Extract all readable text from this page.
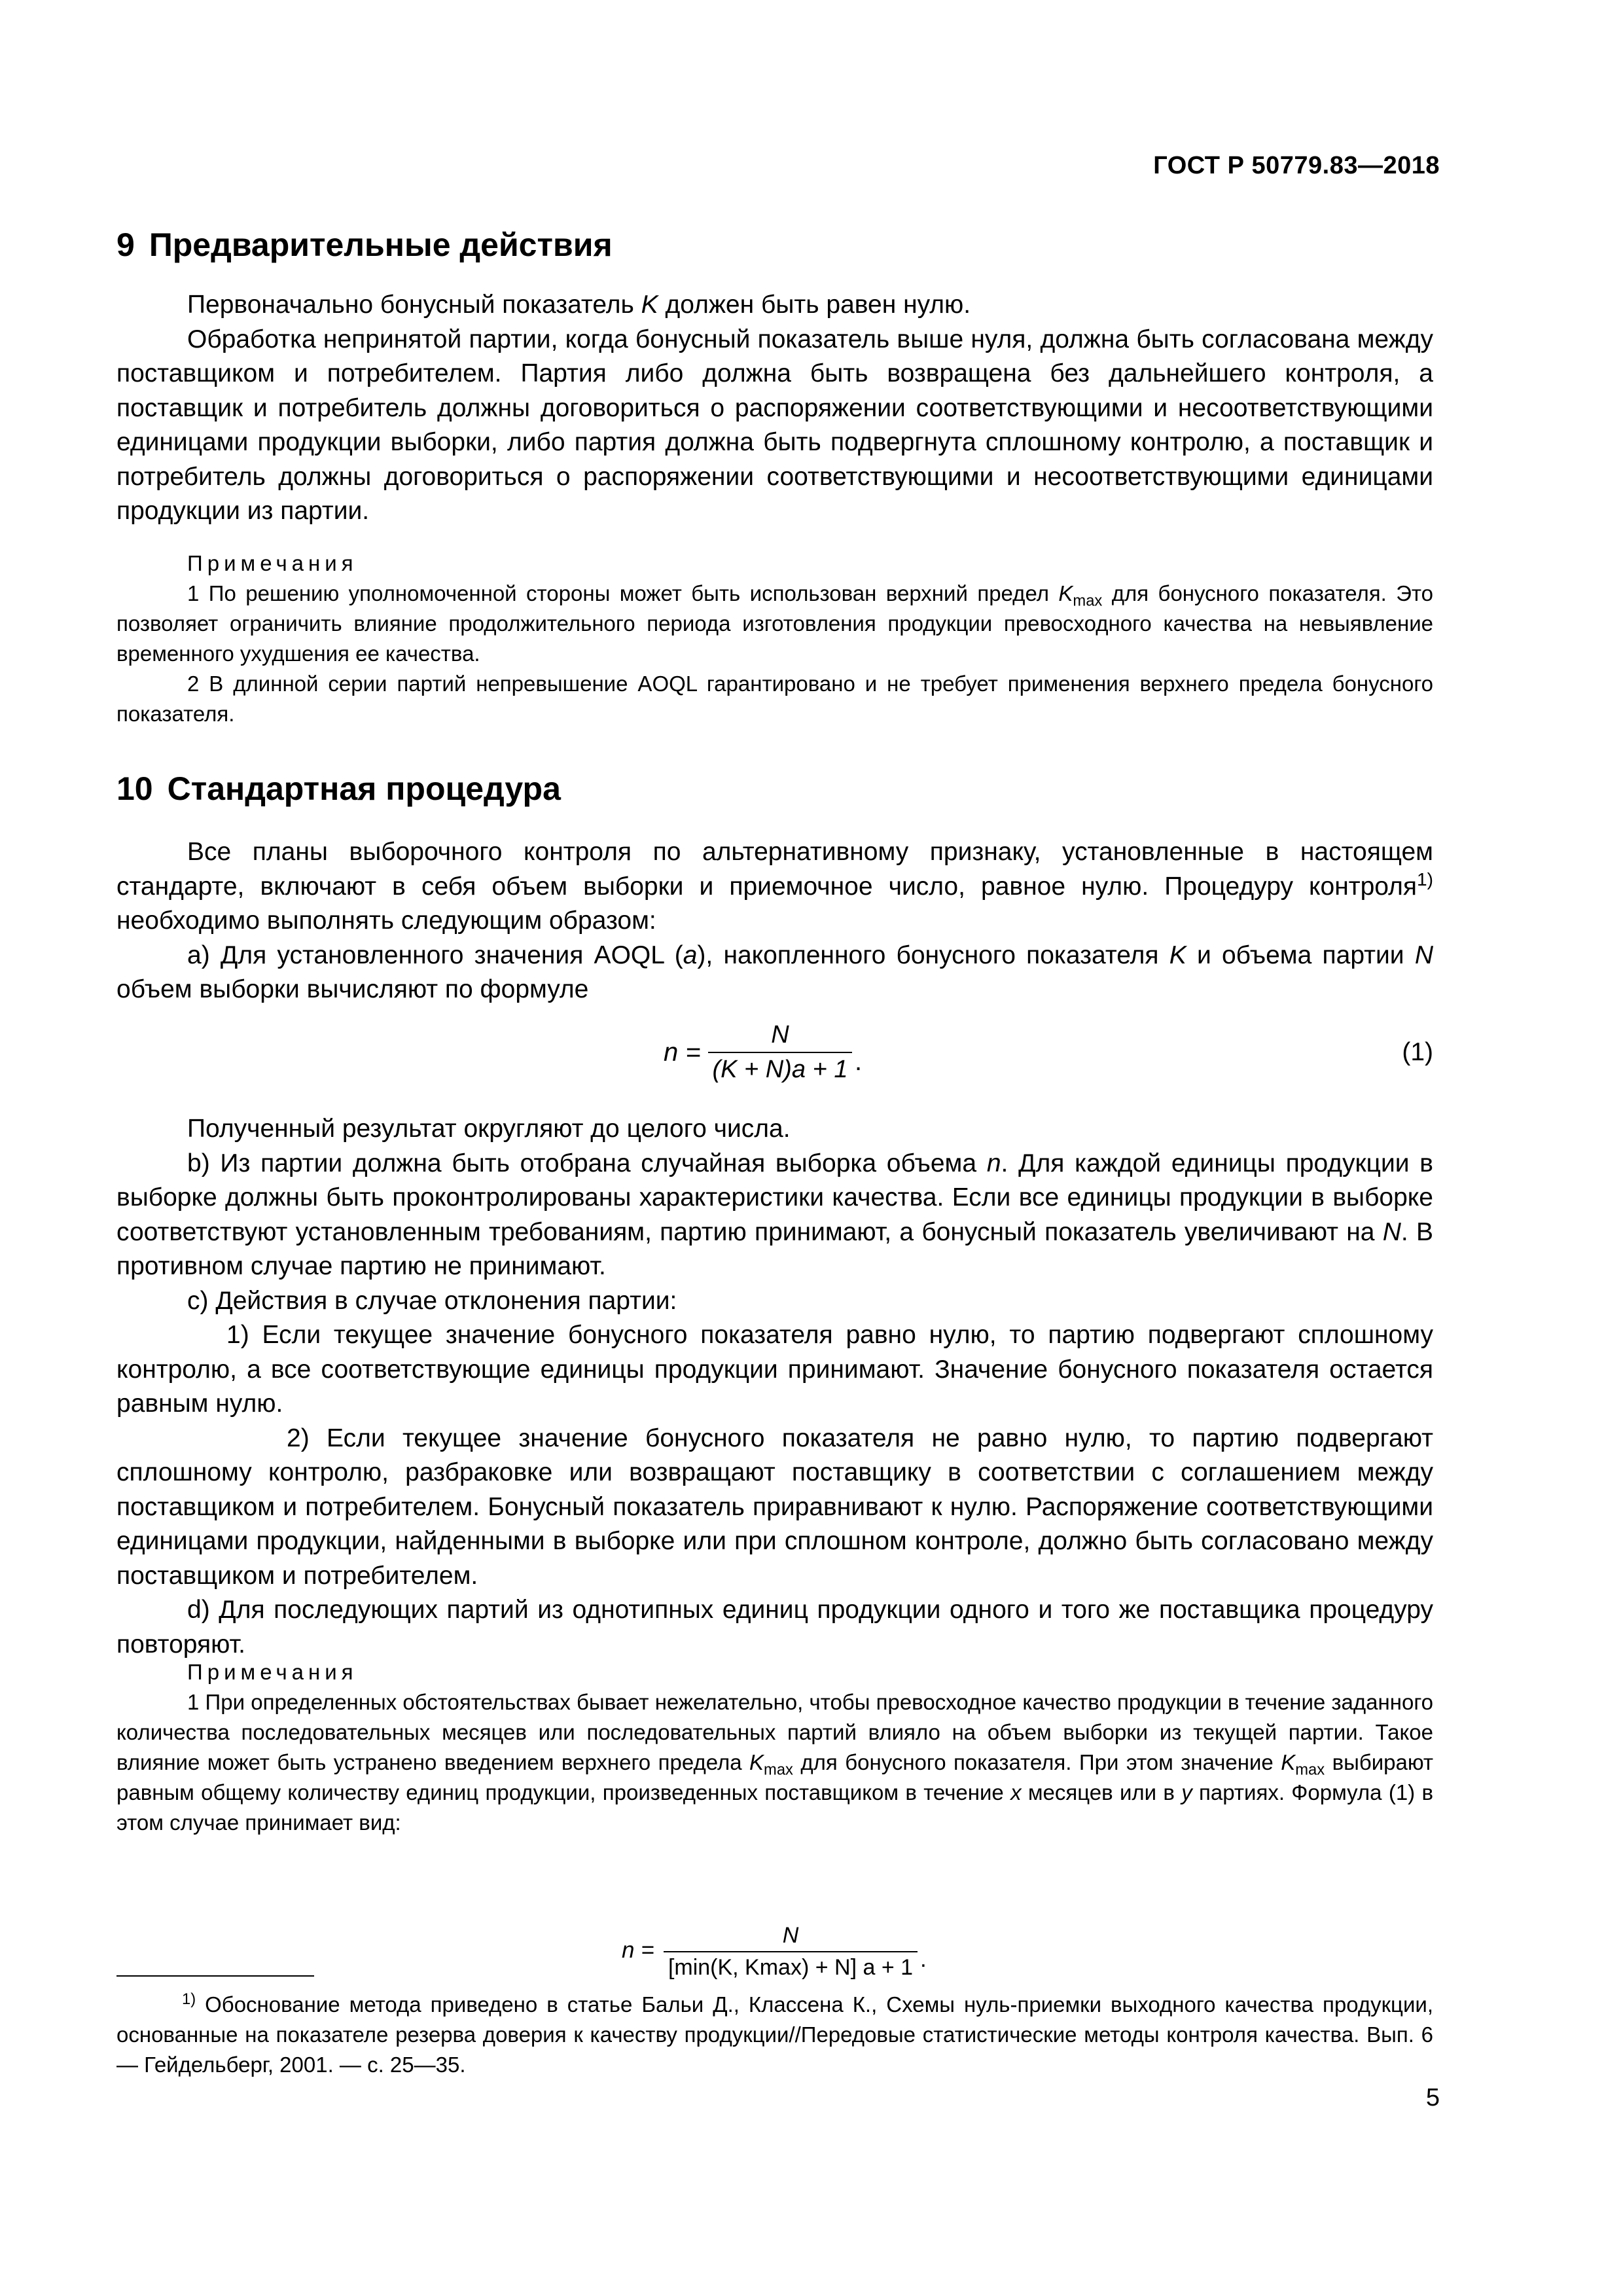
ГОСТ Р 50779.83—2018
9 Предварительные действия

Первоначально бонусный показатель K должен быть равен нулю.

Обработка непринятой партии, когда бонусный показатель выше нуля, должна быть согласована между поставщиком и потребителем. Партия либо должна быть возвращена без дальнейшего контроля, а поставщик и потребитель должны договориться о распоряжении соответствующими и несоответствующими единицами продукции выборки, либо партия должна быть подвергнута сплошному контролю, а поставщик и потребитель должны договориться о распоряжении соответствующими и несоответствующими единицами продукции из партии.

Примечания

1 По решению уполномоченной стороны может быть использован верхний предел $K_{max}$ для бонусного показателя. Это позволяет ограничить влияние продолжительного периода изготовления продукции превосходного качества на невыявление временного ухудшения ее качества.

2 В длинной серии партий непревышение AOQL гарантировано и не требует применения верхнего предела бонусного показателя.

10 Стандартная процедура

Все планы выборочного контроля по альтернативному признаку, установленные в настоящем стандарте, включают в себя объем выборки и приемочное число, равное нулю. Процедуру контроля$^{1)}$ необходимо выполнять следующим образом:

а) Для установленного значения AOQL (a), накопленного бонусного показателя K и объема партии N объем выборки вычисляют по формуле

$n = \frac{N}{(K + N)a + 1}$ .	(1)

Полученный результат округляют до целого числа.

b) Из партии должна быть отобрана случайная выборка объема n. Для каждой единицы продукции в выборке должны быть проконтролированы характеристики качества. Если все единицы продукции в выборке соответствуют установленным требованиям, партию принимают, а бонусный показатель увеличивают на N. В противном случае партию не принимают.

с) Действия в случае отклонения партии:

1) Если текущее значение бонусного показателя равно нулю, то партию подвергают сплошному контролю, а все соответствующие единицы продукции принимают. Значение бонусного показателя остается равным нулю.

2) Если текущее значение бонусного показателя не равно нулю, то партию подвергают сплошному контролю, разбраковке или возвращают поставщику в соответствии с соглашением между поставщиком и потребителем. Бонусный показатель приравнивают к нулю. Распоряжение соответствующими единицами продукции, найденными в выборке или при сплошном контроле, должно быть согласовано между поставщиком и потребителем.

d) Для последующих партий из однотипных единиц продукции одного и того же поставщика процедуру повторяют.

Примечания

1 При определенных обстоятельствах бывает нежелательно, чтобы превосходное качество продукции в течение заданного количества последовательных месяцев или последовательных партий влияло на объем выборки из текущей партии. Такое влияние может быть устранено введением верхнего предела $K_{max}$ для бонусного показателя. При этом значение $K_{max}$ выбирают равным общему количеству единиц продукции, произведенных поставщиком в течение x месяцев или в y партиях. Формула (1) в этом случае принимает вид:

n =
N
[min(K, Kmax) + N] a + 1 .

$^{1)}$ Обоснование метода приведено в статье Бальи Д., Классена К., Схемы нуль-приемки выходного качества продукции, основанные на показателе резерва доверия к качеству продукции//Передовые статистические методы контроля качества. Вып. 6 — Гейдельберг, 2001. — с. 25—35.

5
